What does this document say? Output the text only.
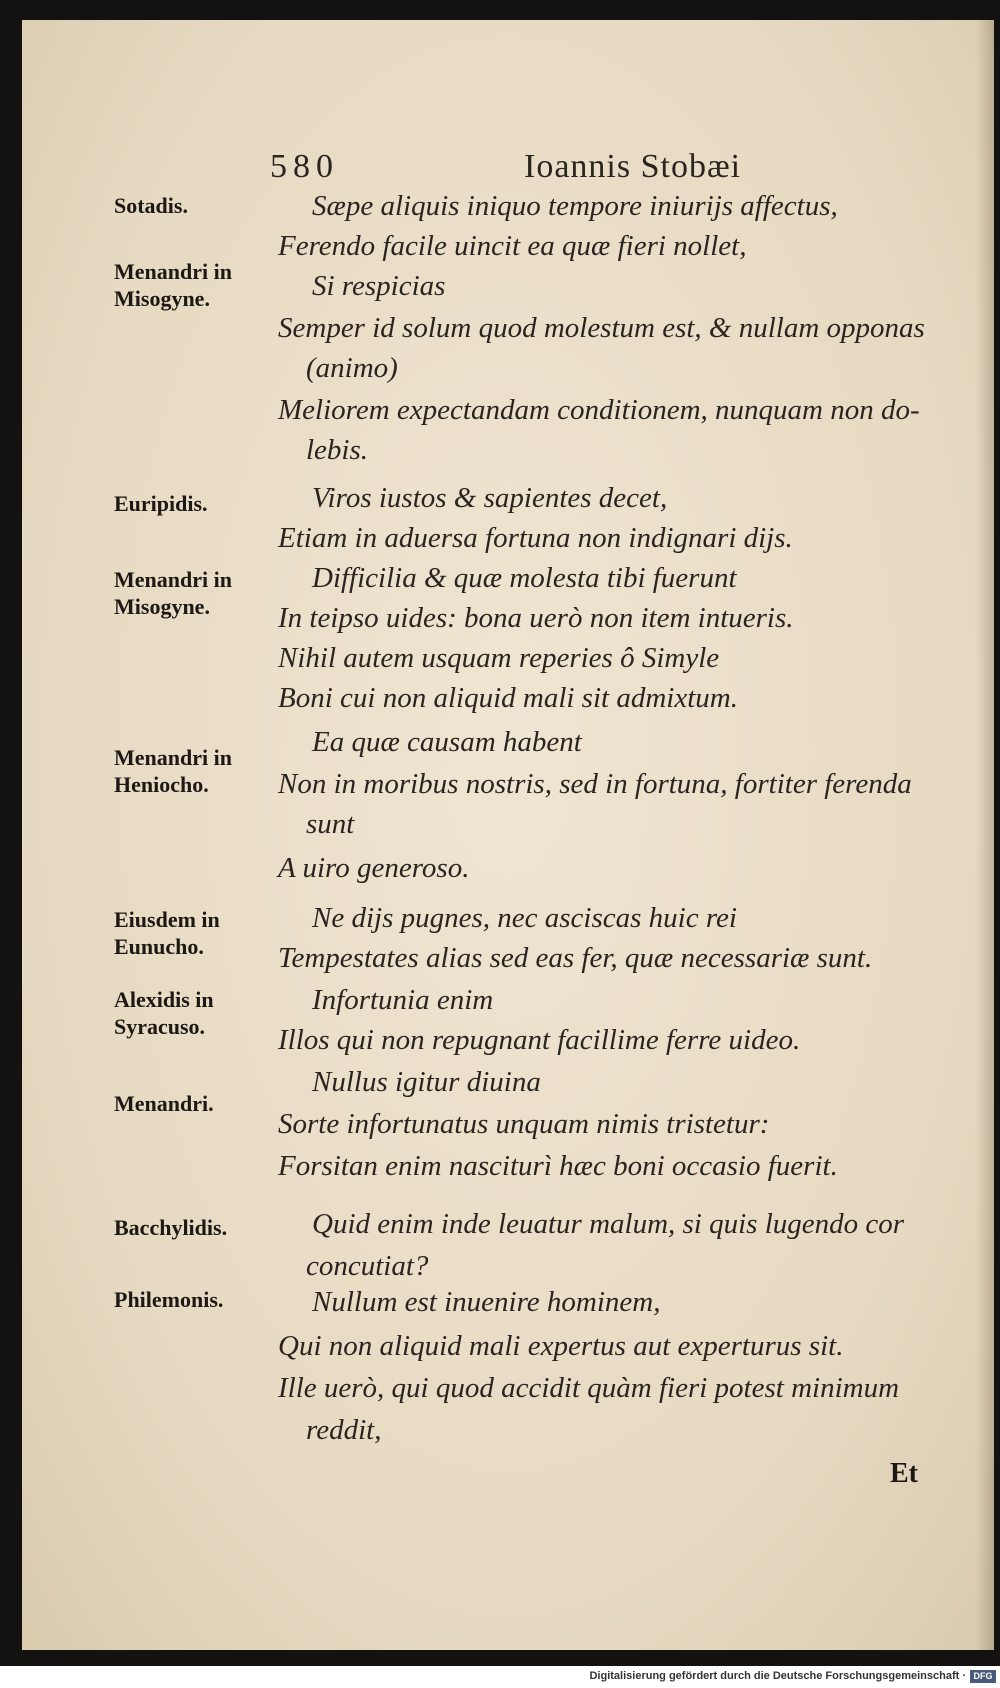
580	Ioannis Stobæi
Sotadis.	Sæpe aliquis iniquo tempore iniurijs affectus,
Ferendo facile uincit ea quæ fieri nollet,
Menandri in
Misogyne.	Si respicias
Semper id solum quod molestum est, & nullam opponas
(animo)
Meliorem expectandam conditionem, nunquam non do-
lebis.
Euripidis.	Viros iustos & sapientes decet,
Etiam in aduersa fortuna non indignari dijs.
Menandri in
Misogyne.
Difficilia & quæ molesta tibi fuerunt
In teipso uides: bona uerò non item intueris.
Nihil autem usquam reperies ô Simyle
Boni cui non aliquid mali sit admixtum.
Menandri in
Heniocho.
Ea quæ causam habent
Non in moribus nostris, sed in fortuna, fortiter ferenda
sunt
A uiro generoso.
Eiusdem in
Eunucho.
Ne dijs pugnes, nec asciscas huic rei
Tempestates alias sed eas fer, quæ necessariæ sunt.
Alexidis in
Syracuso.
Infortunia enim
Illos qui non repugnant facillime ferre uideo.
Menandri.
Nullus igitur diuina
Sorte infortunatus unquam nimis tristetur:
Forsitan enim nasciturì hæc boni occasio fuerit.
Bacchylidis.	Quid enim inde leuatur malum, si quis lugendo cor
concutiat?
Philemonis.	Nullum est inuenire hominem,
Qui non aliquid mali expertus aut experturus sit.
Ille uerò, qui quod accidit quàm fieri potest minimum
reddit,
Et
Digitalisierung gefördert durch die Deutsche Forschungsgemeinschaft · DFG
